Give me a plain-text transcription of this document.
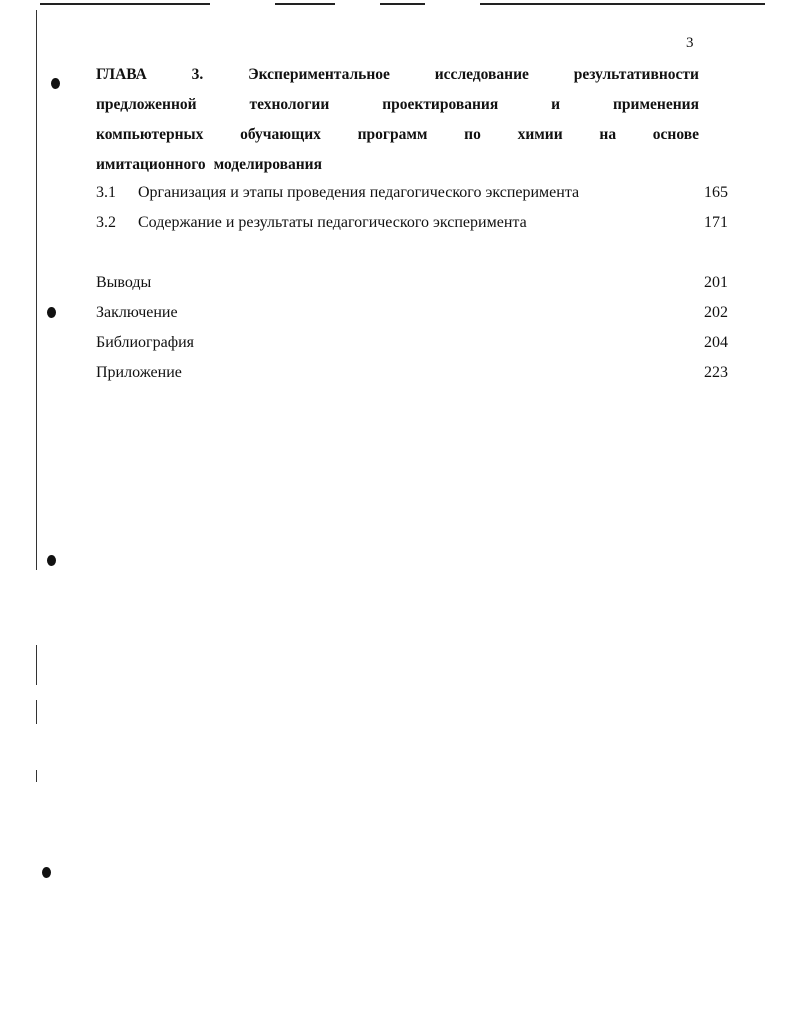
3
ГЛАВА	3.	Экспериментальное	исследование	результативности
предложенной	технологии	проектирования	и	применения
компьютерных обучающих программ по химии на основе
имитационного моделирования
3.1 Организация и этапы проведения педагогического эксперимента	165
3.2 Содержание и результаты педагогического эксперимента	171
Выводы	201
Заключение	202
Библиография	204
Приложение	223
